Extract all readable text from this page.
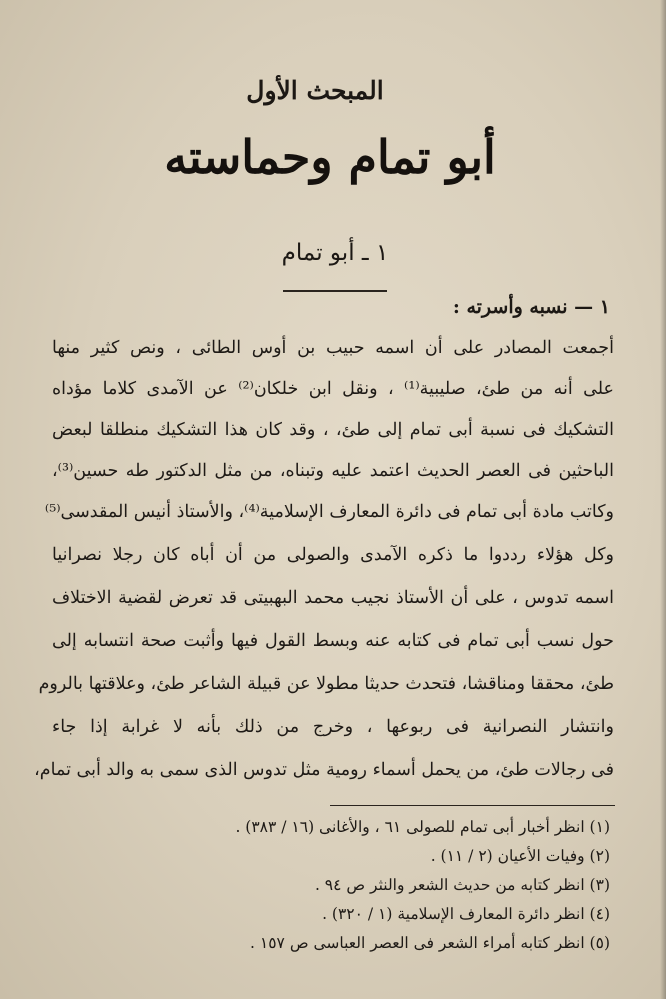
المبحث الأول
أبو تمام وحماسته
١ ـ أبو تمام
١ — نسبه وأسرته :
أجمعت المصادر على أن اسمه حبيب بن أوس الطائى ، ونص كثير منها
على أنه من طئ، صليبية⁽¹⁾ ، ونقل ابن خلكان⁽²⁾ عن الآمدى كلاما مؤداه
التشكيك فى نسبة أبى تمام إلى طئ، ، وقد كان هذا التشكيك منطلقا لبعض
الباحثين فى العصر الحديث اعتمد عليه وتبناه، من مثل الدكتور طه حسين⁽³⁾،
وكاتب مادة أبى تمام فى دائرة المعارف الإسلامية⁽⁴⁾، والأستاذ أنيس المقدسى⁽⁵⁾
وكل هؤلاء رددوا ما ذكره الآمدى والصولى من أن أباه كان رجلا نصرانيا
اسمه تدوس ، على أن الأستاذ نجيب محمد البهبيتى قد تعرض لقضية الاختلاف
حول نسب أبى تمام فى كتابه عنه وبسط القول فيها وأثبت صحة انتسابه إلى
طئ، محققا ومناقشا، فتحدث حديثا مطولا عن قبيلة الشاعر طئ، وعلاقتها بالروم
وانتشار النصرانية فى ربوعها ، وخرج من ذلك بأنه لا غرابة إذا جاء
فى رجالات طئ، من يحمل أسماء رومية مثل تدوس الذى سمى به والد أبى تمام،
(١) انظر أخبار أبى تمام للصولى ٦١ ، والأغانى (١٦ / ٣٨٣) .
(٢) وفيات الأعيان (٢ / ١١) .
(٣) انظر كتابه من حديث الشعر والنثر ص ٩٤ .
(٤) انظر دائرة المعارف الإسلامية (١ / ٣٢٠) .
(٥) انظر كتابه أمراء الشعر فى العصر العباسى ص ١٥٧ .
